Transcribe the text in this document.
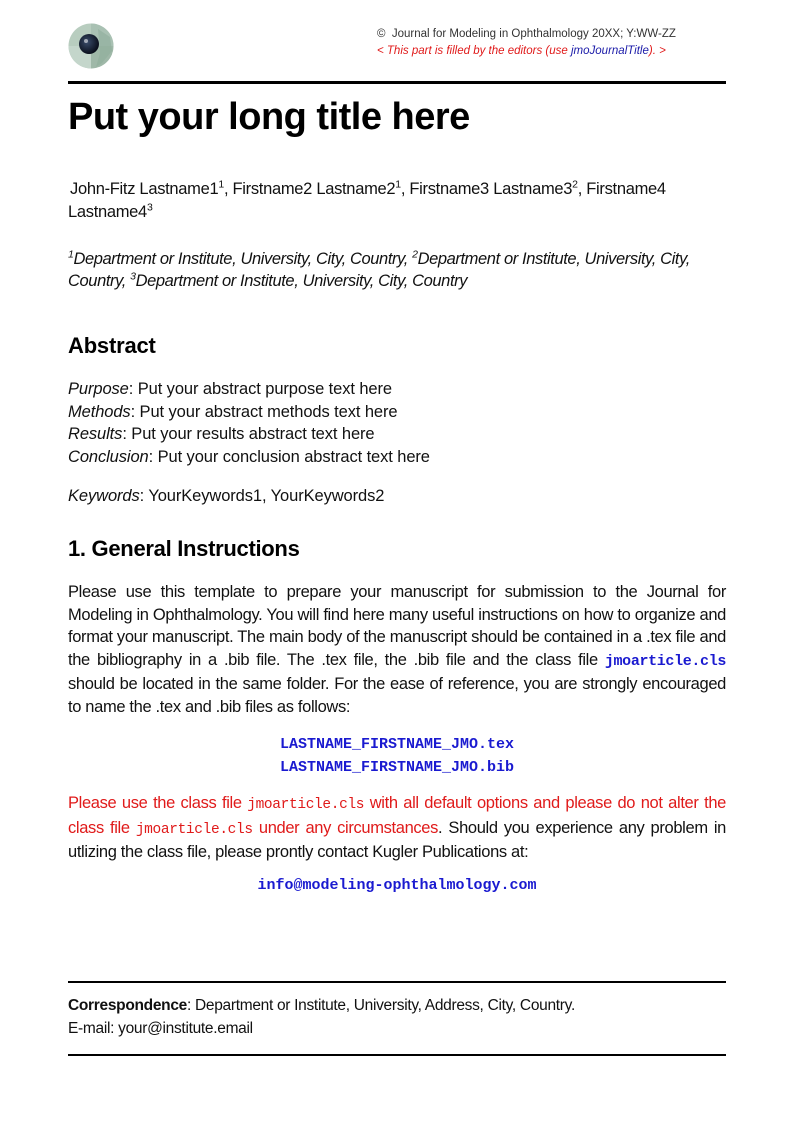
© Journal for Modeling in Ophthalmology 20XX; Y:WW-ZZ
< This part is filled by the editors (use jmoJournalTitle). >
Put your long title here
John-Fitz $Lastname1^1$, Firstname2 $Lastname2^1$, Firstname3 $Lastname3^2$, Firstname4 $Lastname4^3$
$^1$Department or Institute, University, City, Country, $^2$Department or Institute, University, City, Country, $^3$Department or Institute, University, City, Country
Abstract
Purpose: Put your abstract purpose text here
Methods: Put your abstract methods text here
Results: Put your results abstract text here
Conclusion: Put your conclusion abstract text here
Keywords: YourKeywords1, YourKeywords2
1. General Instructions
Please use this template to prepare your manuscript for submission to the Journal for Modeling in Ophthalmology. You will find here many useful instructions on how to organize and format your manuscript. The main body of the manuscript should be contained in a .tex file and the bibliography in a .bib file. The .tex file, the .bib file and the class file jmoarticle.cls should be located in the same folder. For the ease of reference, you are strongly encouraged to name the .tex and .bib files as follows:
LASTNAME_FIRSTNAME_JMO.tex
LASTNAME_FIRSTNAME_JMO.bib
Please use the class file jmoarticle.cls with all default options and please do not alter the class file jmoarticle.cls under any circumstances. Should you experience any problem in utlizing the class file, please prontly contact Kugler Publications at:
info@modeling-ophthalmology.com
Correspondence: Department or Institute, University, Address, City, Country.
E-mail: your@institute.email
